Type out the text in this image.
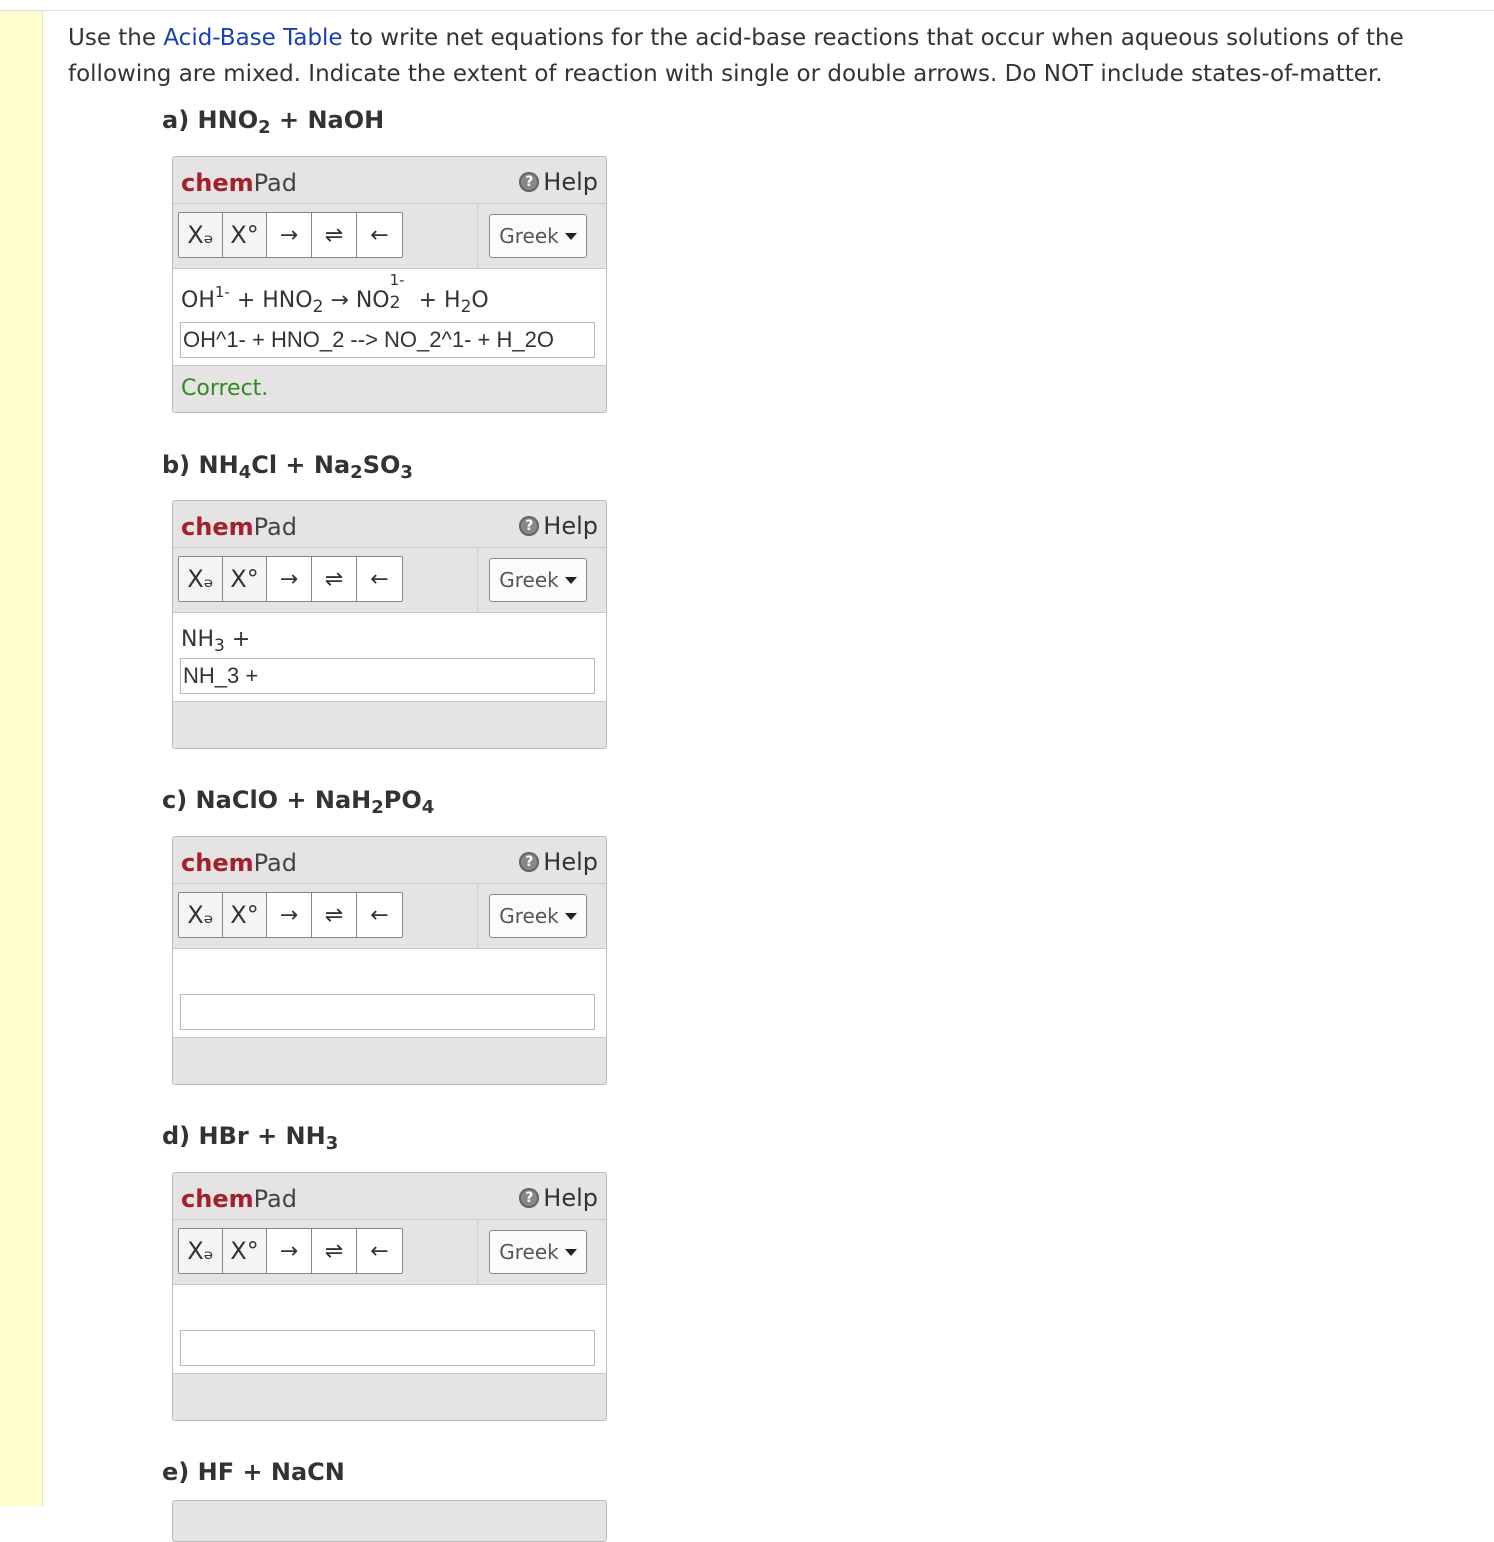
Use the Acid-Base Table to write net equations for the acid-base reactions that occur when aqueous solutions of the following are mixed. Indicate the extent of reaction with single or double arrows. Do NOT include states-of-matter.
a) $HNO_2$ + NaOH
chemPad	? Help
Xₔ X° →	⇌	←	Greek
$OH^{1-} + HNO_2$ → NO
1-
$2 + H_2O$
OH^1- + HNO_2 --> NO_2^1- + H_2O
Correct.
b) $NH_4Cl + Na_2SO_3$
chemPad	? Help
Xₔ X° →	⇌	←	Greek
$NH_3$ +
NH_3 +
c) NaClO + $NaH_2PO_4$
chemPad	? Help
Xₔ X° →	⇌	←	Greek
d) HBr + $NH_3$
chemPad	? Help
Xₔ X° →	⇌	←	Greek
e) HF + NaCN
